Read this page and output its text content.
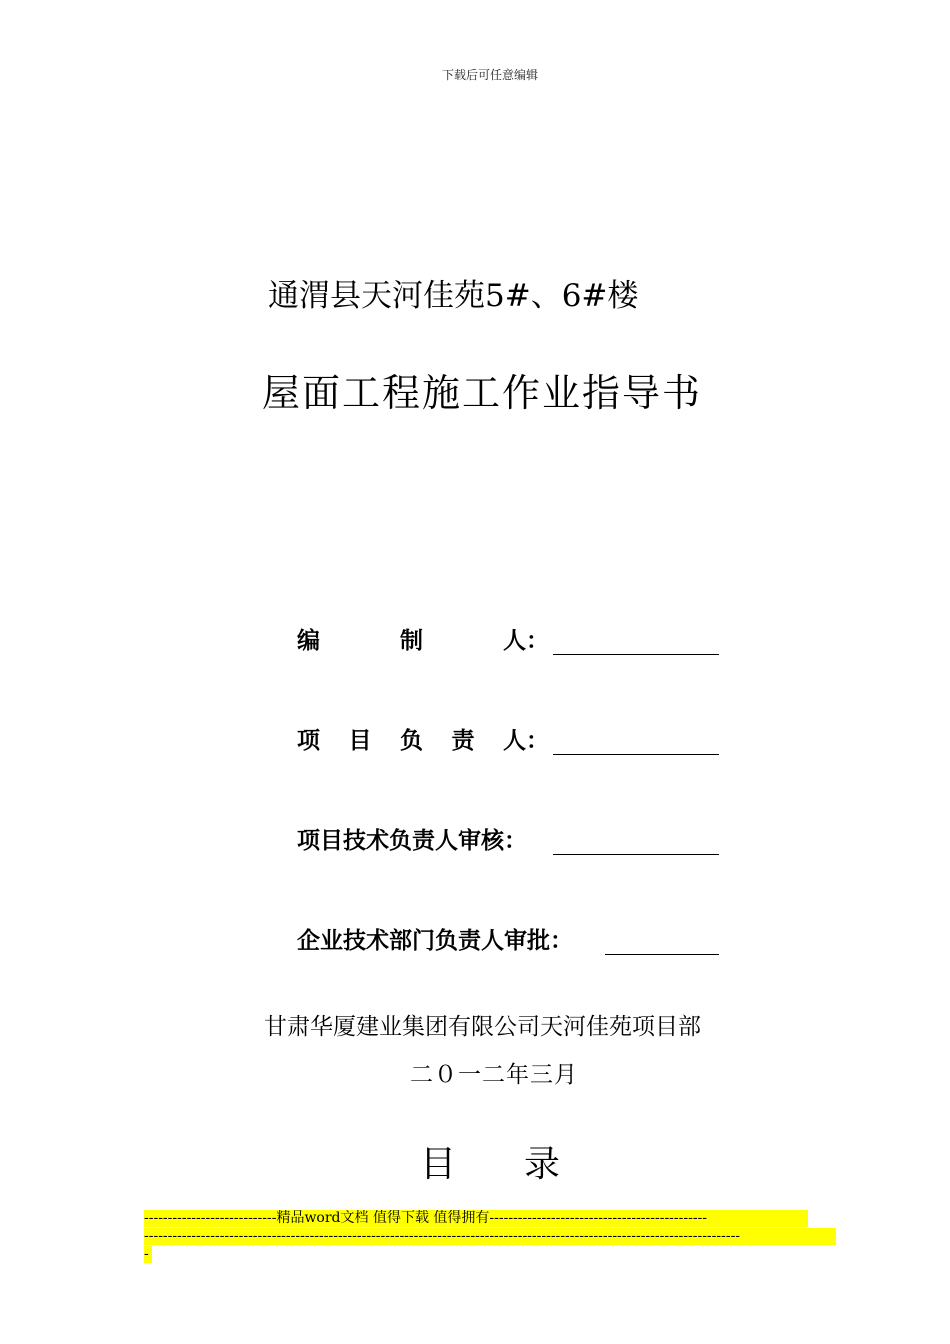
下载后可任意编辑
通渭县天河佳苑5#、6#楼
屋面工程施工作业指导书
编	制	人：
项 目 负 责 人：
项目技术负责人审核：
企业技术部门负责人审批：
甘肃华厦建业集团有限公司天河佳苑项目部
二０一二年三月
目录
----------------------------精品word文档 值得下载 值得拥有----------------------------------------------
------------------------------------------------------------------------------------------------------------------------------
-
